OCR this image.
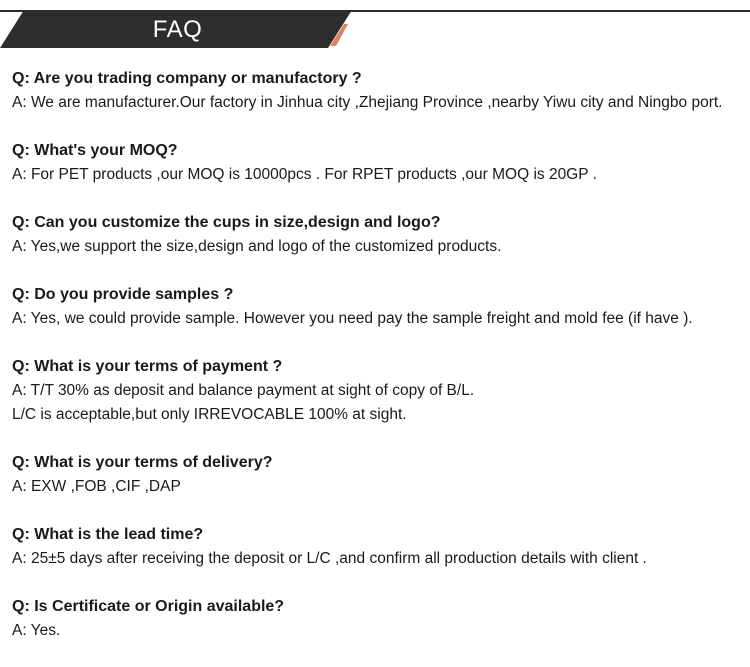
FAQ
Q: Are you trading company or manufactory ?
A: We are manufacturer.Our factory in Jinhua city ,Zhejiang Province ,nearby Yiwu city and Ningbo port.
Q: What's your MOQ?
A: For PET products ,our MOQ is 10000pcs . For RPET products ,our MOQ is 20GP .
Q: Can you customize the cups in size,design and logo?
A: Yes,we support the size,design and logo of the customized products.
Q: Do you provide samples ?
A: Yes, we could provide sample. However you need pay the sample freight and mold fee (if have ).
Q: What is your terms of payment ?
A: T/T 30% as deposit and balance payment at sight of copy of B/L.
L/C is acceptable,but only IRREVOCABLE 100% at sight.
Q: What is your terms of delivery?
A: EXW ,FOB ,CIF ,DAP
Q: What is the lead time?
A: 25±5 days after receiving the deposit or L/C ,and confirm all production details with client .
Q: Is Certificate or Origin available?
A: Yes.
